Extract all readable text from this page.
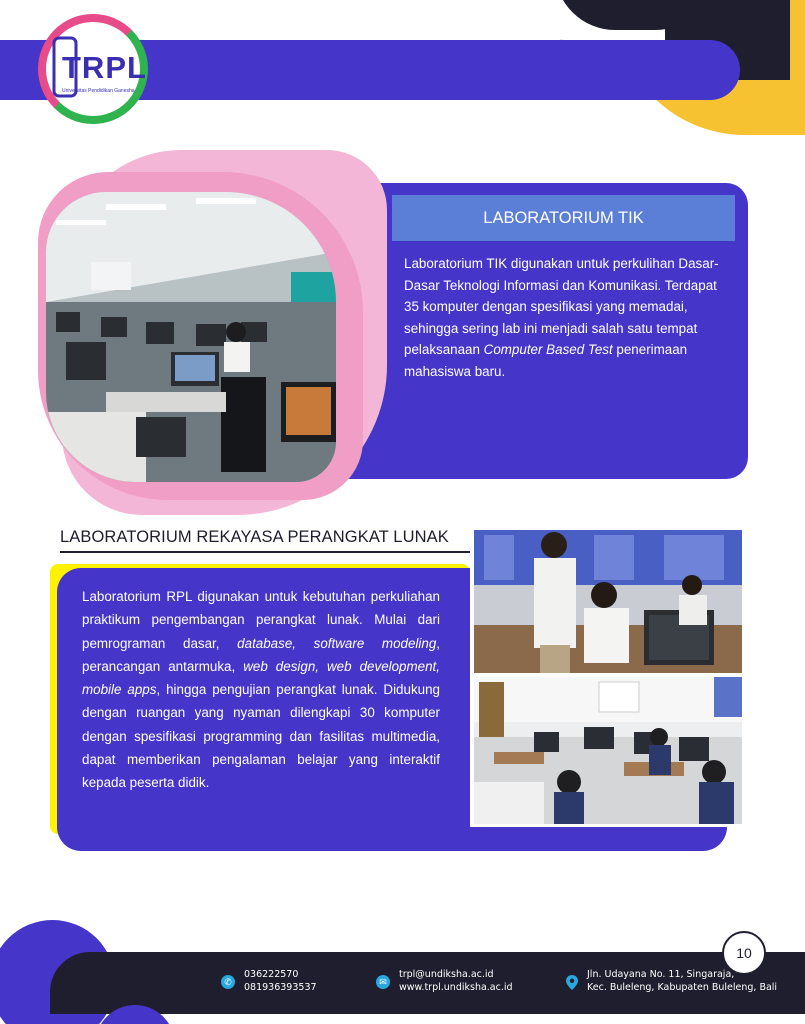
TRPL
Universitas Pendidikan Ganesha
LABORATORIUM TIK
Laboratorium TIK digunakan untuk perkulihan Dasar-Dasar Teknologi Informasi dan Komunikasi. Terdapat 35 komputer dengan spesifikasi yang memadai, sehingga sering lab ini menjadi salah satu tempat pelaksanaan Computer Based Test penerimaan mahasiswa baru.
LABORATORIUM REKAYASA PERANGKAT LUNAK
Laboratorium RPL digunakan untuk kebutuhan perkuliahan praktikum pengembangan perangkat lunak. Mulai dari pemrograman dasar, database, software modeling, perancangan antarmuka, web design, web development, mobile apps, hingga pengujian perangkat lunak. Didukung dengan ruangan yang nyaman dilengkapi 30 komputer dengan spesifikasi programming dan fasilitas multimedia, dapat memberikan pengalaman belajar yang interaktif kepada peserta didik.
10
✆
036222570
081936393537	✉
trpl@undiksha.ac.id
www.trpl.undiksha.ac.id
Jln. Udayana No. 11, Singaraja,
Kec. Buleleng, Kabupaten Buleleng, Bali
